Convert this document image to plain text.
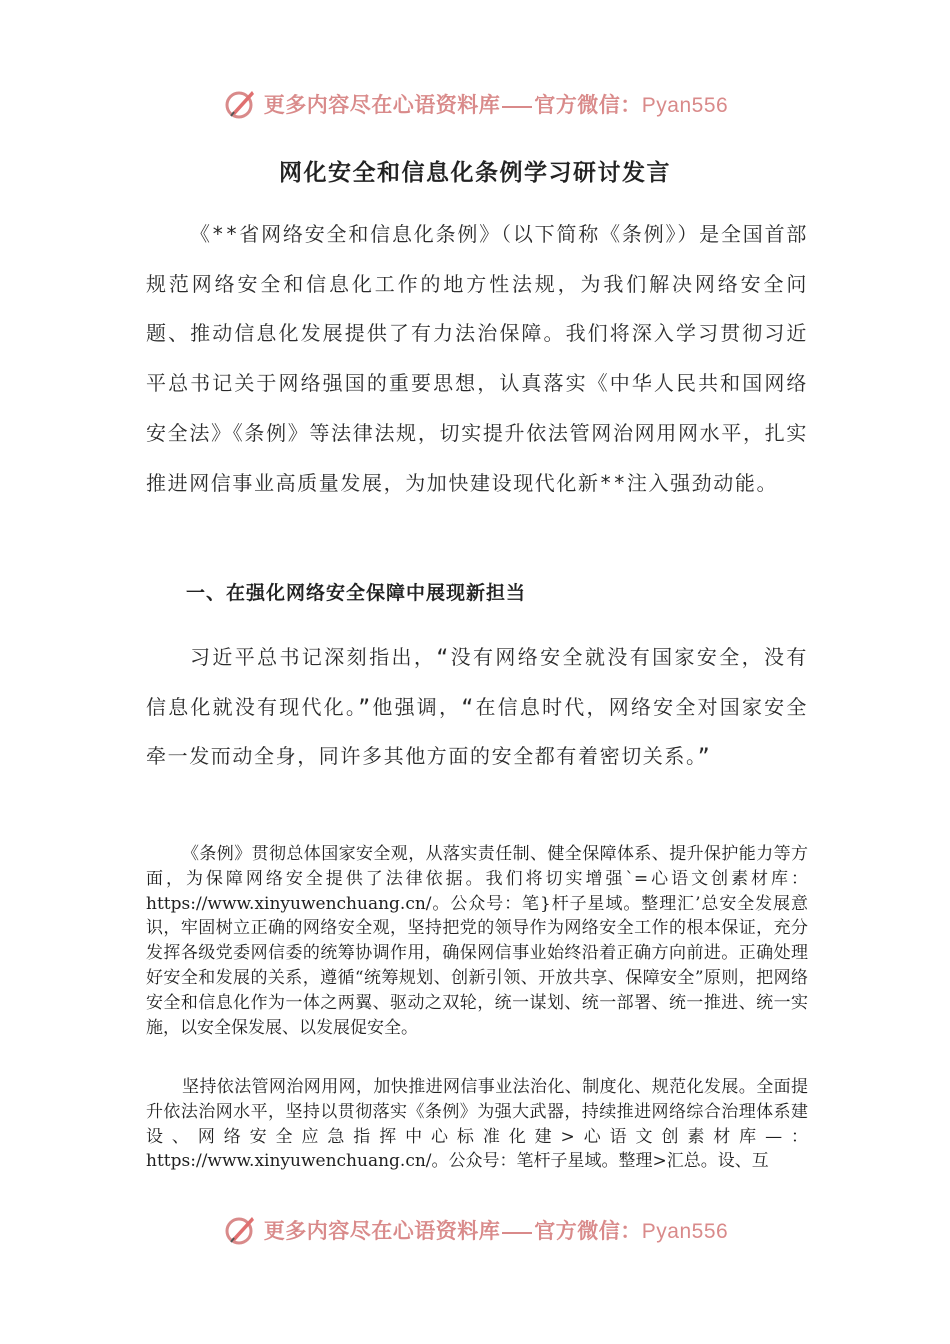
更多内容尽在心语资料库 官方微信：Pyan556
网化安全和信息化条例学习研讨发言

《**省网络安全和信息化条例》（以下简称《条例》）是全国首部规范网络安全和信息化工作的地方性法规，为我们解决网络安全问题、推动信息化发展提供了有力法治保障。我们将深入学习贯彻习近平总书记关于网络强国的重要思想，认真落实《中华人民共和国网络安全法》《条例》等法律法规，切实提升依法管网治网用网水平，扎实推进网信事业高质量发展，为加快建设现代化新**注入强劲动能。

一、在强化网络安全保障中展现新担当

习近平总书记深刻指出，“没有网络安全就没有国家安全，没有信息化就没有现代化。”他强调，“在信息时代，网络安全对国家安全牵一发而动全身，同许多其他方面的安全都有着密切关系。”

《条例》贯彻总体国家安全观，从落实责任制、健全保障体系、提升保护能力等方面，为保障网络安全提供了法律依据。我们将切实增强`=心语文创素材库：https://www.xinyuwenchuang.cn/。公众号：笔}杆子星域。整理汇’总安全发展意识，牢固树立正确的网络安全观，坚持把党的领导作为网络安全工作的根本保证，充分发挥各级党委网信委的统筹协调作用，确保网信事业始终沿着正确方向前进。正确处理好安全和发展的关系，遵循“统筹规划、创新引领、开放共享、保障安全”原则，把网络安全和信息化作为一体之两翼、驱动之双轮，统一谋划、统一部署、统一推进、统一实施，以安全保发展、以发展促安全。

坚持依法管网治网用网，加快推进网信事业法治化、制度化、规范化发展。全面提升依法治网水平，坚持以贯彻落实《条例》为强大武器，持续推进网络综合治理体系建设、网络安全应急指挥中心标准化建>心语文创素材库—：https://www.xinyuwenchuang.cn/。公众号：笔杆子星域。整理>汇总。设、互

更多内容尽在心语资料库 官方微信：Pyan556
